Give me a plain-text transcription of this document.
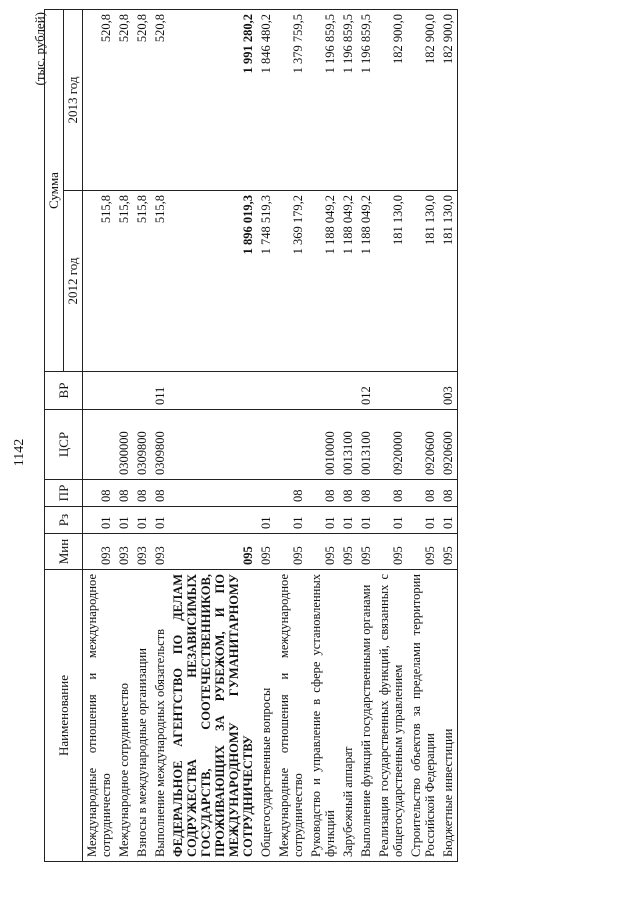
1142
(тыс. рублей)
Наименование	Мин	Рз	ПР	ЦСР	ВР	Сумма	
						2012 год	2013 год
Международные отношения и международное сотрудничество	093	01	08			515,8	520,8
Международное сотрудничество	093	01	08	0300000		515,8	520,8
Взносы в международные организации	093	01	08	0309800		515,8	520,8
Выполнение международных обязательств	093	01	08	0309800	011	515,8	520,8
ФЕДЕРАЛЬНОЕ АГЕНТСТВО ПО ДЕЛАМ СОДРУЖЕСТВА НЕЗАВИСИМЫХ ГОСУДАРСТВ, СООТЕЧЕСТВЕННИКОВ, ПРОЖИВАЮЩИХ ЗА РУБЕЖОМ, И ПО МЕЖДУНАРОДНОМУ ГУМАНИТАРНОМУ СОТРУДНИЧЕСТВУ	095					1 896 019,3	1 991 280,2
Общегосударственные вопросы	095	01				1 748 519,3	1 846 480,2
Международные отношения и международное сотрудничество	095	01	08			1 369 179,2	1 379 759,5
Руководство и управление в сфере установленных функций	095	01	08	0010000		1 188 049,2	1 196 859,5
Зарубежный аппарат	095	01	08	0013100		1 188 049,2	1 196 859,5
Выполнение функций государственными органами	095	01	08	0013100	012	1 188 049,2	1 196 859,5
Реализация государственных функций, связанных с общегосударственным управлением	095	01	08	0920000		181 130,0	182 900,0
Строительство объектов за пределами территории Российской Федерации	095	01	08	0920600		181 130,0	182 900,0
Бюджетные инвестиции	095	01	08	0920600	003	181 130,0	182 900,0
